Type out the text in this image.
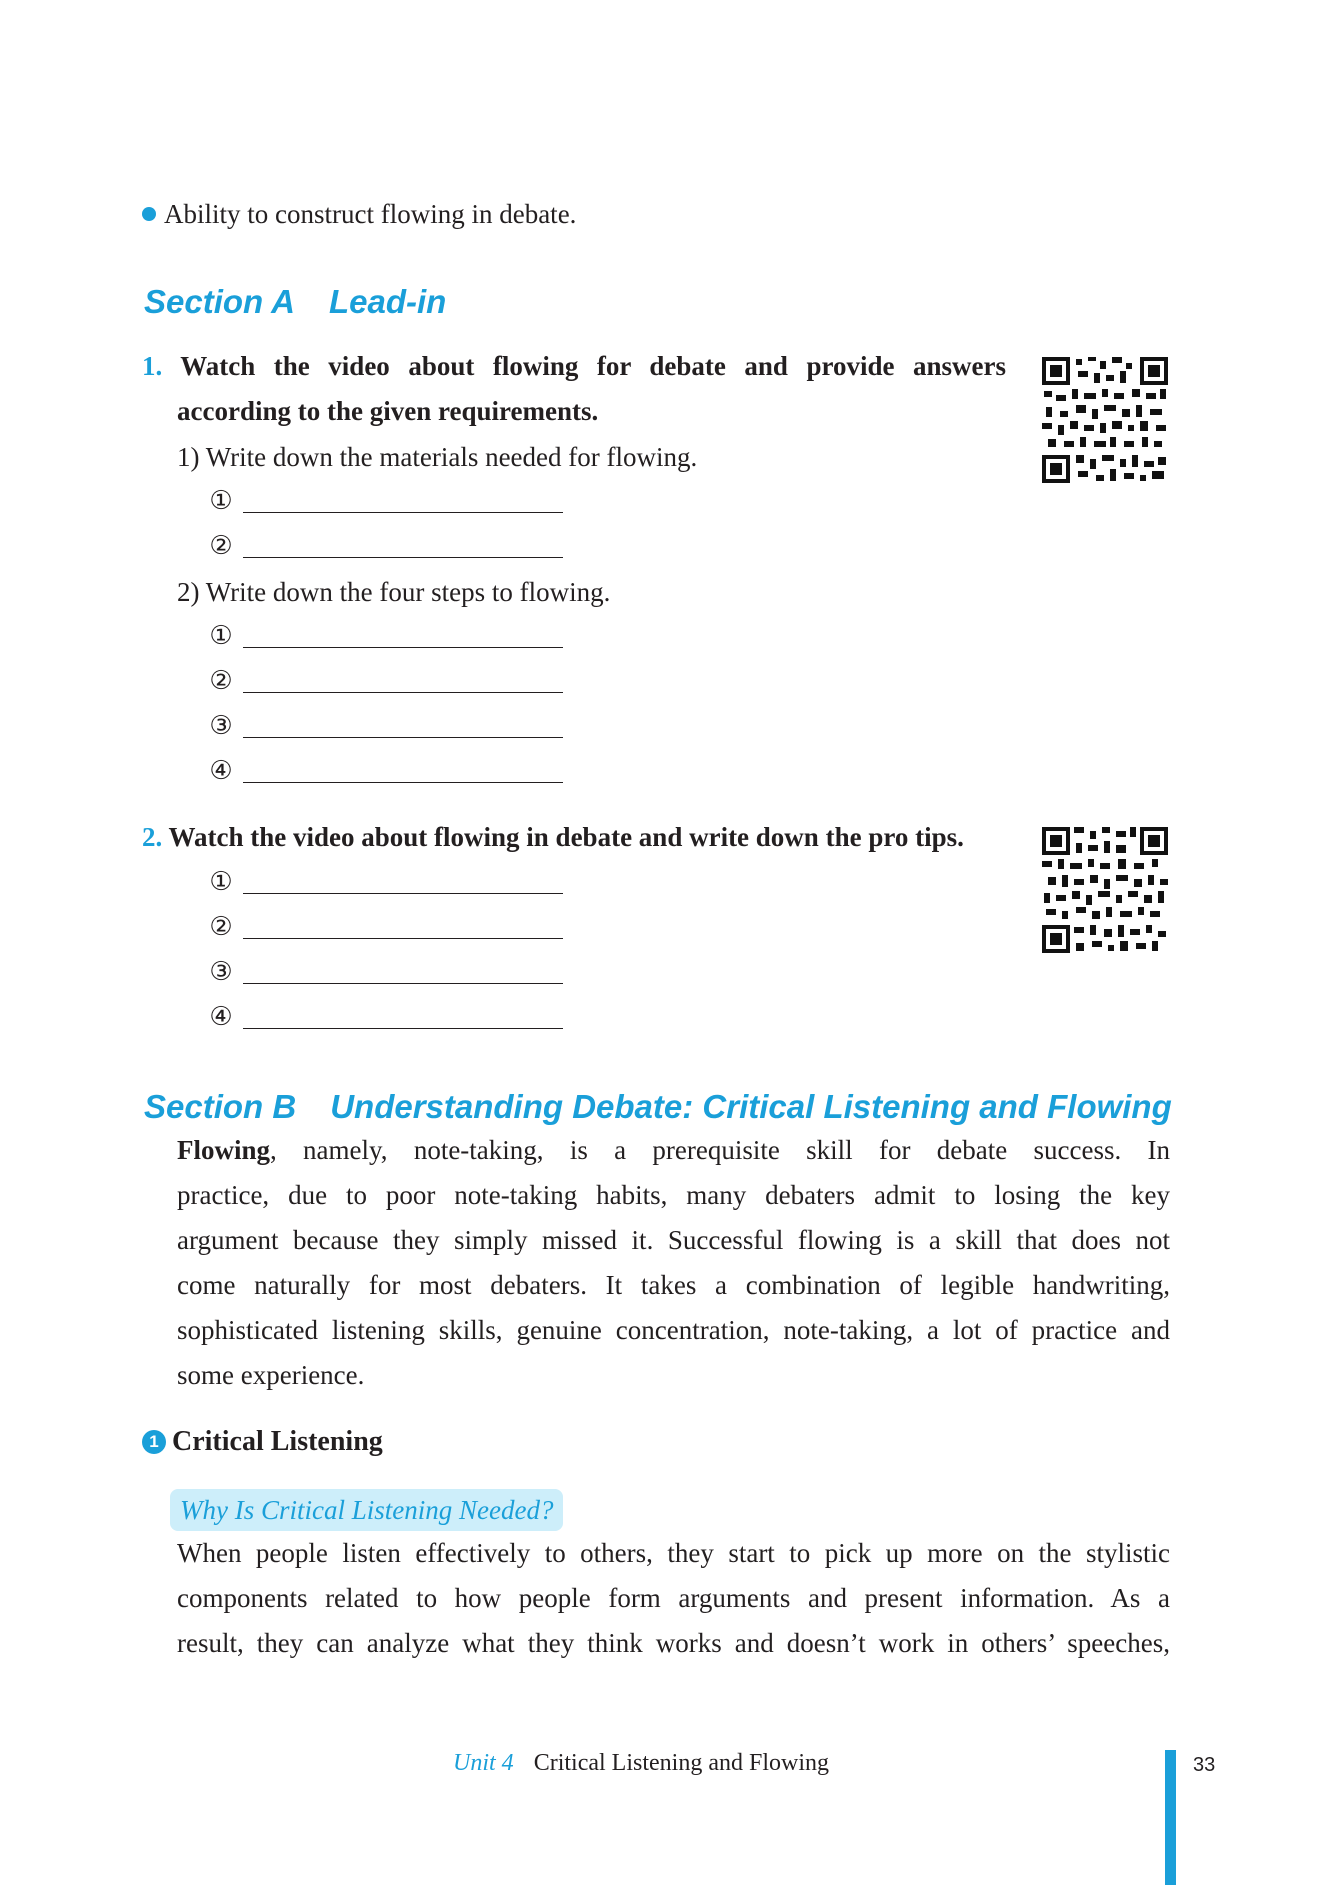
Ability to construct flowing in debate.
Section A Lead-in
1. Watch the video about flowing for debate and provide answers
according to the given requirements.
1) Write down the materials needed for flowing.
①
②
2) Write down the four steps to flowing.
①
②
③
④
2. Watch the video about flowing in debate and write down the pro tips.
①
②
③
④
Section B Understanding Debate: Critical Listening and Flowing

Flowing, namely, note-taking, is a prerequisite skill for debate success. In
practice, due to poor note-taking habits, many debaters admit to losing the key
argument because they simply missed it. Successful flowing is a skill that does not
come naturally for most debaters. It takes a combination of legible handwriting,
sophisticated listening skills, genuine concentration, note-taking, a lot of practice and
some experience.

1 Critical Listening
Why Is Critical Listening Needed?

When people listen effectively to others, they start to pick up more on the stylistic
components related to how people form arguments and present information. As a
result, they can analyze what they think works and doesn’t work in others’ speeches,

Unit 4 Critical Listening and Flowing	33
